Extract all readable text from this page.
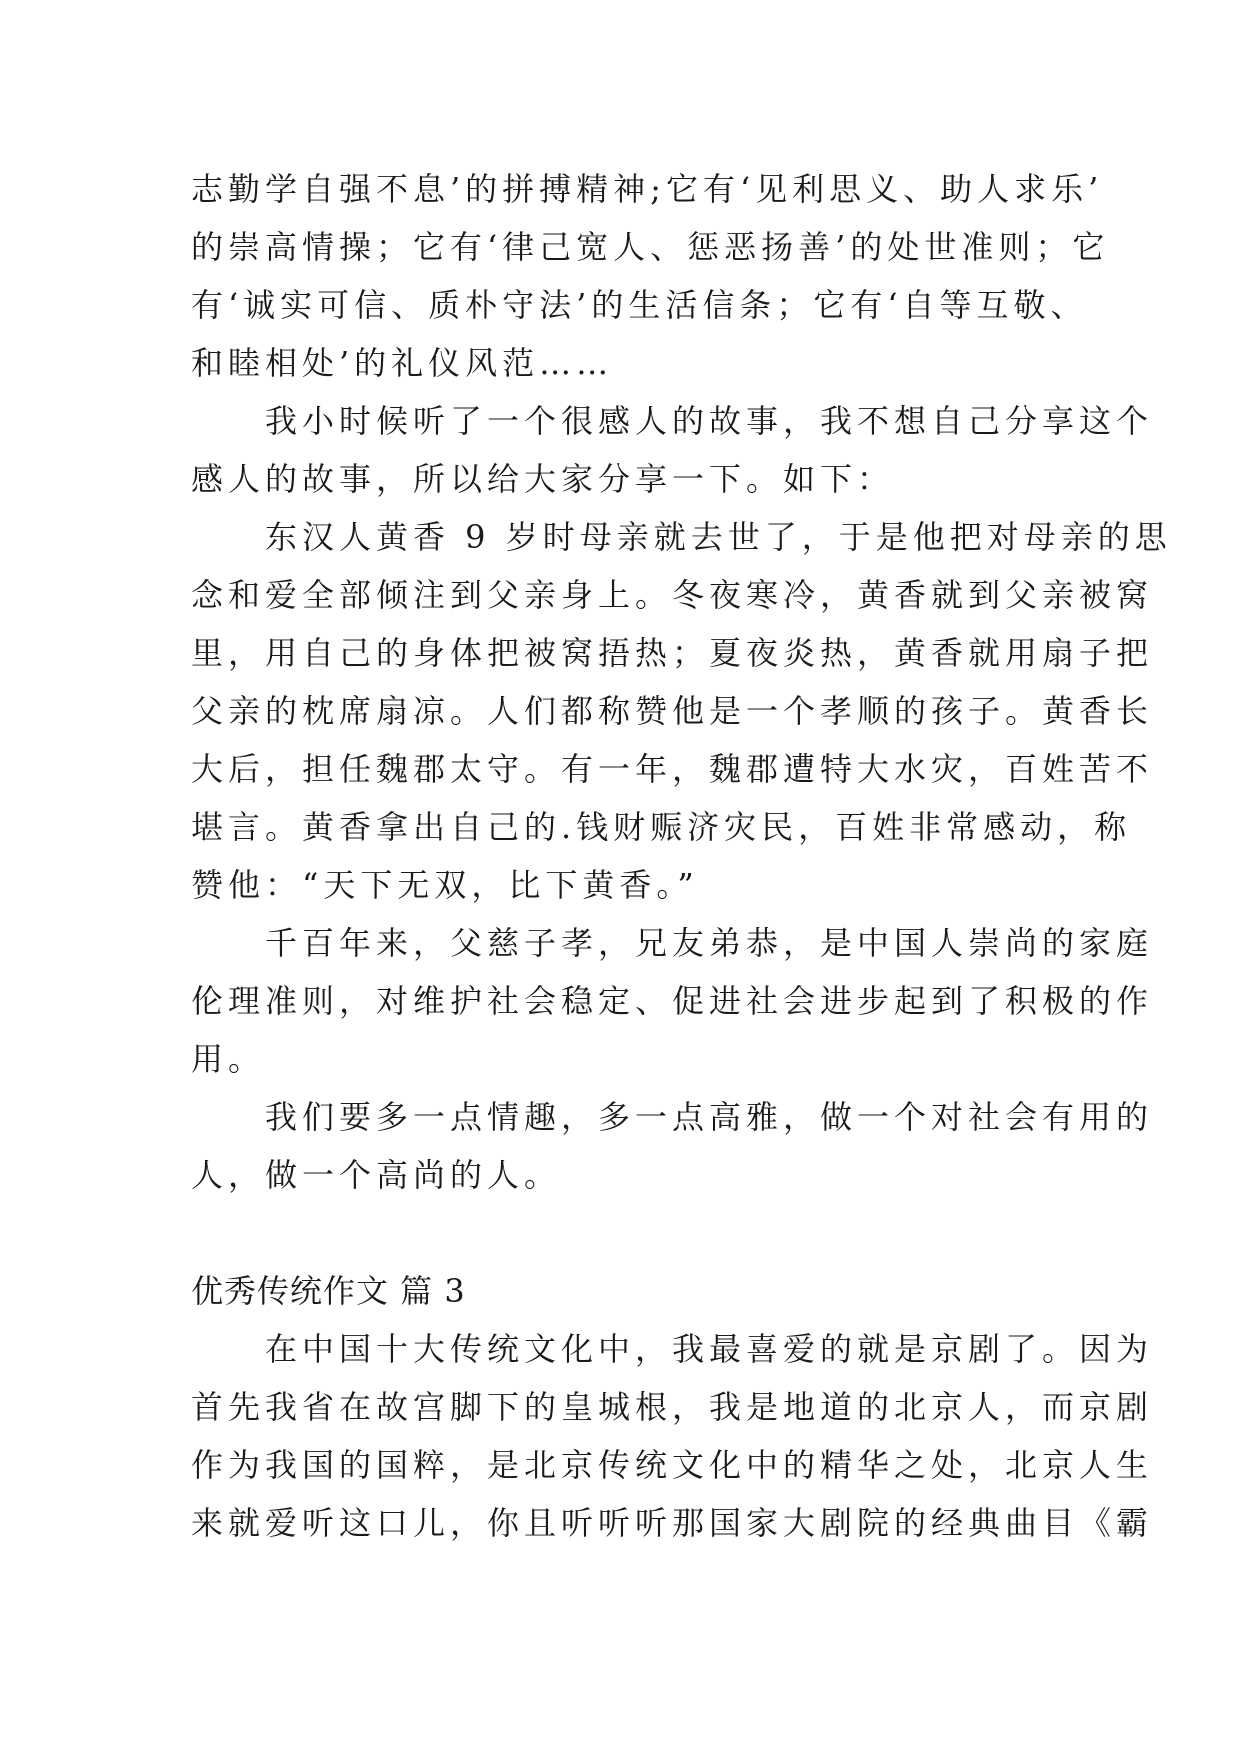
志勤学自强不息’的拼搏精神;它有‘见利思义、助人求乐’
的崇高情操；它有‘律己宽人、惩恶扬善’的处世准则；它
有‘诚实可信、质朴守法’的生活信条；它有‘自等互敬、
和睦相处’的礼仪风范……
　　我小时候听了一个很感人的故事，我不想自己分享这个
感人的故事，所以给大家分享一下。如下：
　　东汉人黄香 9 岁时母亲就去世了，于是他把对母亲的思
念和爱全部倾注到父亲身上。冬夜寒冷，黄香就到父亲被窝
里，用自己的身体把被窝捂热；夏夜炎热，黄香就用扇子把
父亲的枕席扇凉。人们都称赞他是一个孝顺的孩子。黄香长
大后，担任魏郡太守。有一年，魏郡遭特大水灾，百姓苦不
堪言。黄香拿出自己的.钱财赈济灾民，百姓非常感动，称
赞他：“天下无双，比下黄香。”
　　千百年来，父慈子孝，兄友弟恭，是中国人崇尚的家庭
伦理准则，对维护社会稳定、促进社会进步起到了积极的作
用。
　　我们要多一点情趣，多一点高雅，做一个对社会有用的
人，做一个高尚的人。
优秀传统作文 篇 3
　　在中国十大传统文化中，我最喜爱的就是京剧了。因为
首先我省在故宫脚下的皇城根，我是地道的北京人，而京剧
作为我国的国粹，是北京传统文化中的精华之处，北京人生
来就爱听这口儿，你且听听听那国家大剧院的经典曲目《霸
